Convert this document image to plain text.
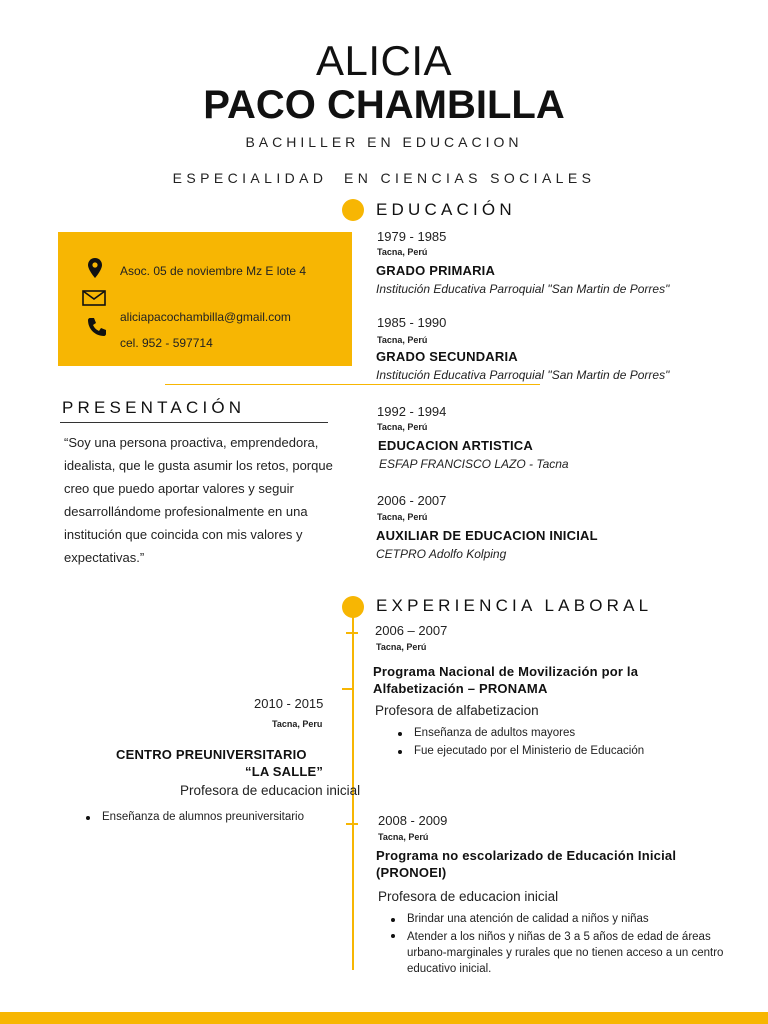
ALICIA
PACO CHAMBILLA
BACHILLER EN EDUCACION
ESPECIALIDAD  EN CIENCIAS SOCIALES
Asoc. 05 de noviembre Mz E lote 4
aliciapacochambilla@gmail.com
cel. 952 - 597714
PRESENTACIÓN
“Soy una persona proactiva, emprendedora, idealista, que le gusta asumir los retos, porque creo que puedo aportar valores y seguir desarrollándome profesionalmente en una institución que coincida con mis valores y expectativas.”
EDUCACIÓN
1979 - 1985
Tacna, Perú
GRADO PRIMARIA
Institución Educativa Parroquial "San Martin de Porres"
1985 - 1990
Tacna, Perú
GRADO SECUNDARIA
Institución Educativa Parroquial "San Martin de Porres"
1992 - 1994
Tacna, Perú
EDUCACION ARTISTICA
ESFAP FRANCISCO LAZO - Tacna
2006 - 2007
Tacna, Perú
AUXILIAR DE EDUCACION INICIAL
CETPRO Adolfo Kolping
EXPERIENCIA LABORAL
2006 – 2007
Tacna, Perú
Programa Nacional de Movilización por la Alfabetización – PRONAMA
Profesora de alfabetizacion
Enseñanza de adultos mayores
Fue ejecutado por el Ministerio de Educación
2010 - 2015
Tacna, Peru
CENTRO PREUNIVERSITARIO
“LA SALLE”
Profesora de educacion inicial
Enseñanza de alumnos preuniversitario	2008 - 2009
Tacna, Perú
Programa no escolarizado de Educación Inicial (PRONOEI)
Profesora de educacion inicial
Brindar una atención de calidad a niños y niñas
Atender a los niños y niñas de 3 a 5 años de edad de áreas urbano-marginales y rurales que no tienen acceso a un centro educativo inicial.
